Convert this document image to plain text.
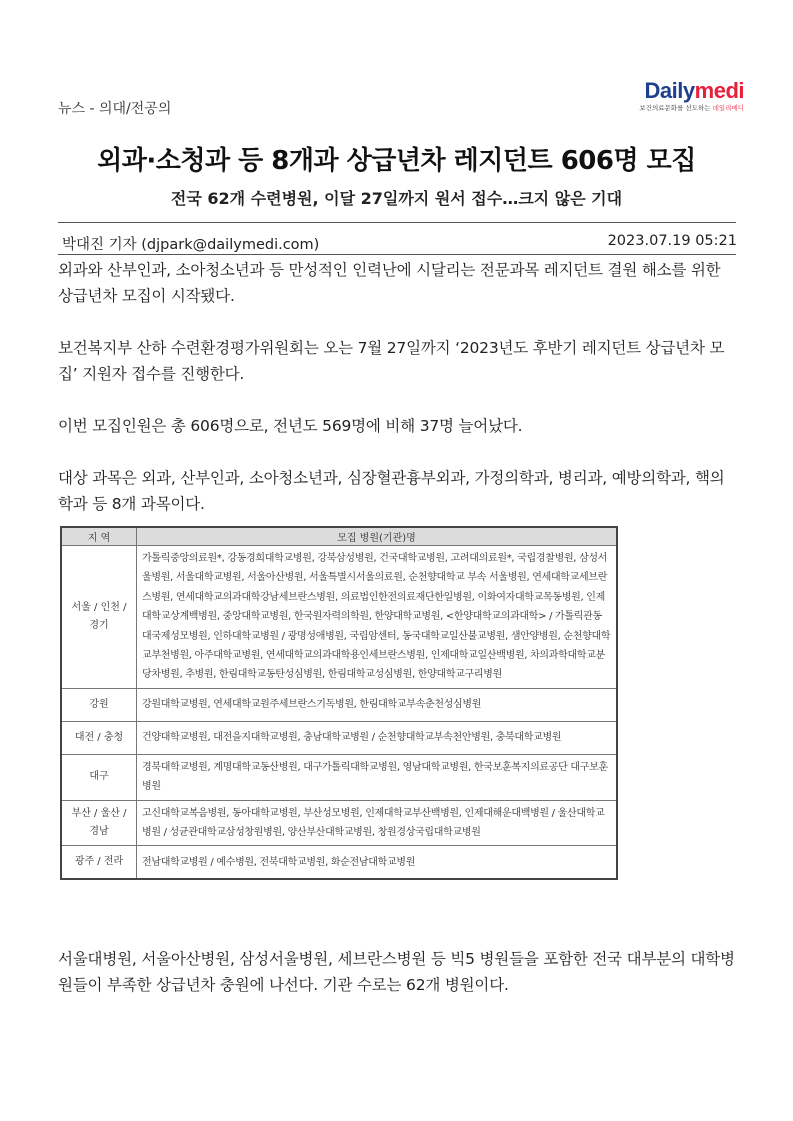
뉴스 - 의대/전공의
Dailymedi
보건의료문화를 선도하는 데일리메디
외과·소청과 등 8개과 상급년차 레지던트 606명 모집
전국 62개 수련병원, 이달 27일까지 원서 접수…크지 않은 기대
박대진 기자 (djpark@dailymedi.com)	2023.07.19 05:21

외과와 산부인과, 소아청소년과 등 만성적인 인력난에 시달리는 전문과목 레지던트 결원 해소를 위한 상급년차 모집이 시작됐다.

보건복지부 산하 수련환경평가위원회는 오는 7월 27일까지 ‘2023년도 후반기 레지던트 상급년차 모집’ 지원자 접수를 진행한다.

이번 모집인원은 총 606명으로, 전년도 569명에 비해 37명 늘어났다.

대상 과목은 외과, 산부인과, 소아청소년과, 심장혈관흉부외과, 가정의학과, 병리과, 예방의학과, 핵의학과 등 8개 과목이다.

지 역	모집 병원(기관)명
서울 / 인천 / 경기	가톨릭중앙의료원*, 강동경희대학교병원, 강북삼성병원, 건국대학교병원, 고려대의료원*, 국립경찰병원, 삼성서울병원, 서울대학교병원, 서울아산병원, 서울특별시서울의료원, 순천향대학교 부속 서울병원, 연세대학교세브란스병원, 연세대학교의과대학강남세브란스병원, 의료법인한전의료재단한일병원, 이화여자대학교목동병원, 인제대학교상계백병원, 중앙대학교병원, 한국원자력의학원, 한양대학교병원, <한양대학교의과대학> / 가톨릭관동대국제성모병원, 인하대학교병원 / 광명성애병원, 국립암센터, 동국대학교일산불교병원, 샘안양병원, 순천향대학교부천병원, 아주대학교병원, 연세대학교의과대학용인세브란스병원, 인제대학교일산백병원, 차의과학대학교분당차병원, 추병원, 한림대학교동탄성심병원, 한림대학교성심병원, 한양대학교구리병원
강원	강원대학교병원, 연세대학교원주세브란스기독병원, 한림대학교부속춘천성심병원
대전 / 충청	건양대학교병원, 대전을지대학교병원, 충남대학교병원 / 순천향대학교부속천안병원, 충북대학교병원
대구	경북대학교병원, 계명대학교동산병원, 대구가톨릭대학교병원, 영남대학교병원, 한국보훈복지의료공단 대구보훈병원
부산 / 울산 / 경남	고신대학교복음병원, 동아대학교병원, 부산성모병원, 인제대학교부산백병원, 인제대해운대백병원 / 울산대학교병원 / 성균관대학교삼성창원병원, 양산부산대학교병원, 창원경상국립대학교병원
광주 / 전라	전남대학교병원 / 예수병원, 전북대학교병원, 화순전남대학교병원

서울대병원, 서울아산병원, 삼성서울병원, 세브란스병원 등 빅5 병원들을 포함한 전국 대부분의 대학병원들이 부족한 상급년차 충원에 나선다. 기관 수로는 62개 병원이다.
